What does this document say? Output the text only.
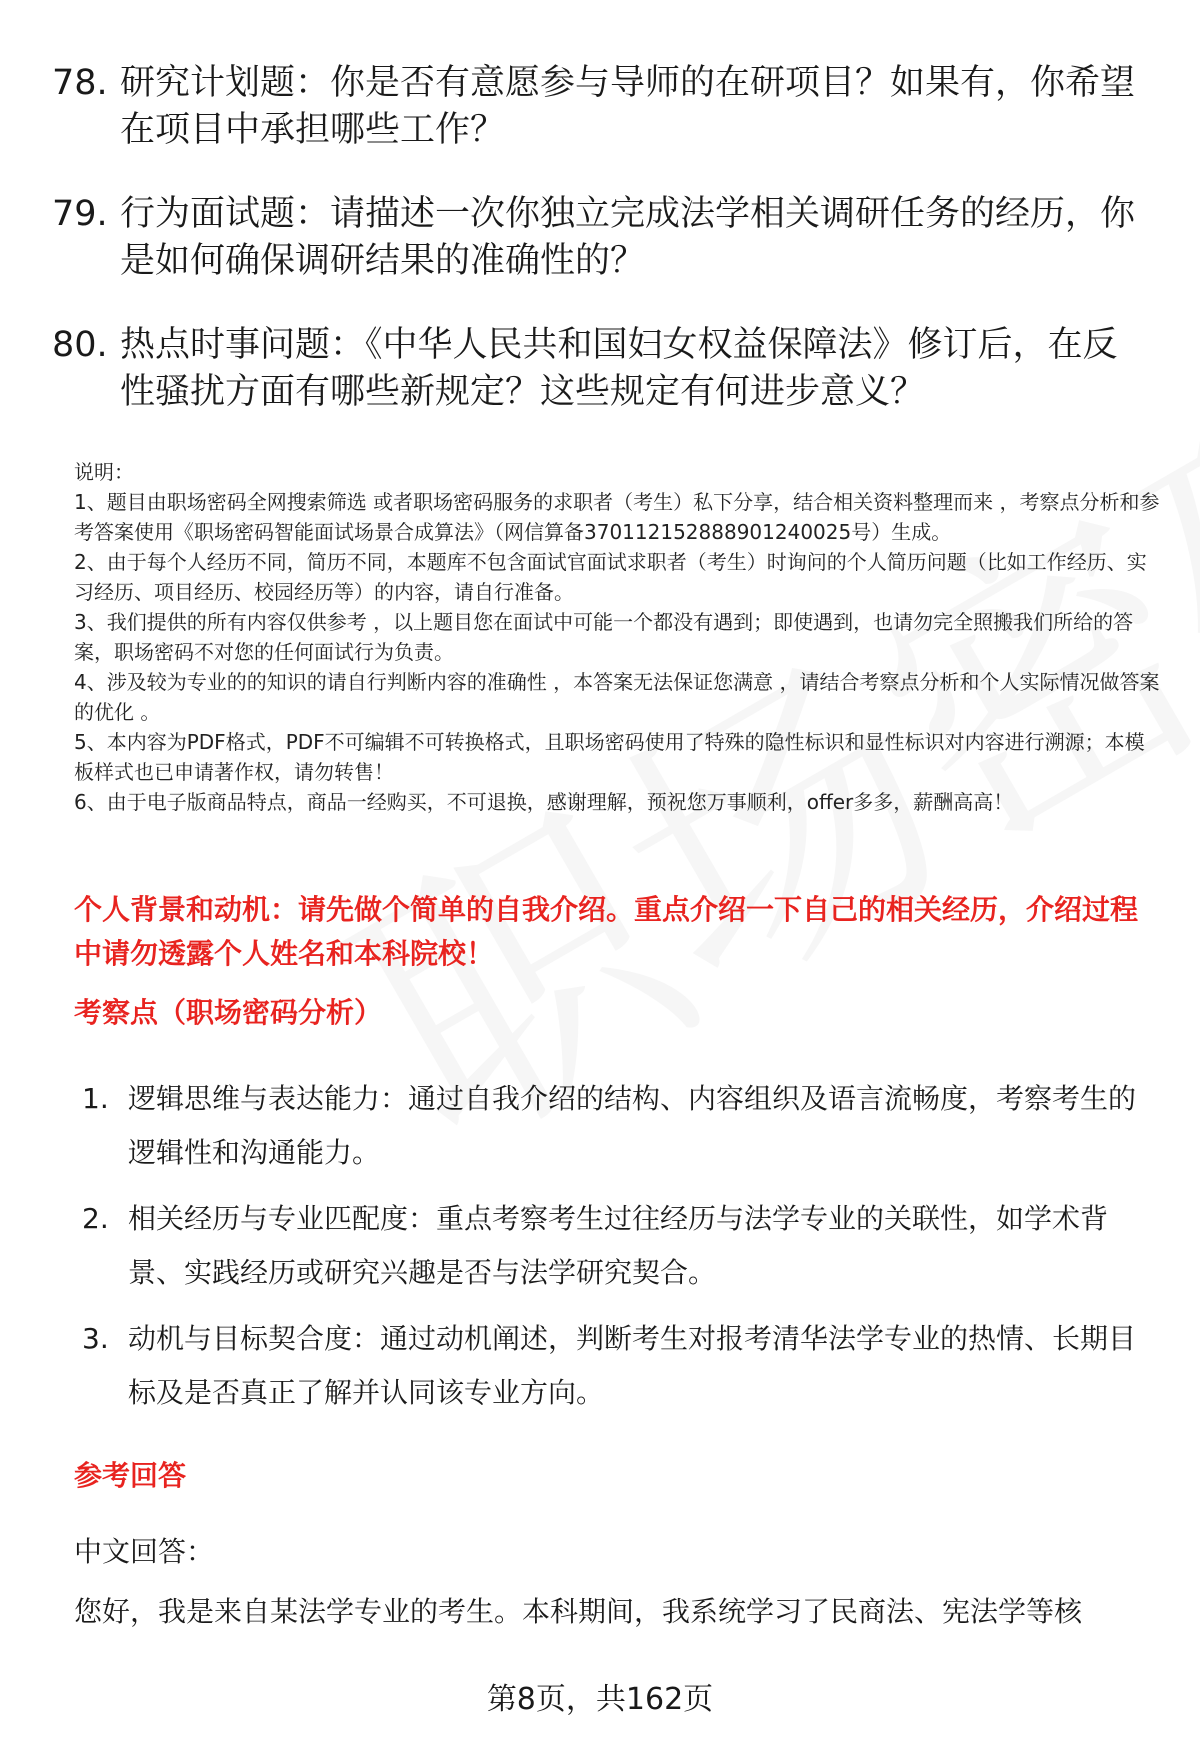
78. 研究计划题：你是否有意愿参与导师的在研项目？如果有，你希望在项目中承担哪些工作？
79. 行为面试题：请描述一次你独立完成法学相关调研任务的经历，你是如何确保调研结果的准确性的？
80. 热点时事问题：《中华人民共和国妇女权益保障法》修订后，在反性骚扰方面有哪些新规定？这些规定有何进步意义？
说明：
1、题目由职场密码全网搜索筛选 或者职场密码服务的求职者（考生）私下分享，结合相关资料整理而来 ，考察点分析和参考答案使用《职场密码智能面试场景合成算法》（网信算备370112152888901240025号）生成。
2、由于每个人经历不同，简历不同，本题库不包含面试官面试求职者（考生）时询问的个人简历问题（比如工作经历、实习经历、项目经历、校园经历等）的内容，请自行准备。
3、我们提供的所有内容仅供参考 ，以上题目您在面试中可能一个都没有遇到；即使遇到，也请勿完全照搬我们所给的答案，职场密码不对您的任何面试行为负责。
4、涉及较为专业的的知识的请自行判断内容的准确性 ，本答案无法保证您满意 ，请结合考察点分析和个人实际情况做答案的优化 。
5、本内容为PDF格式，PDF不可编辑不可转换格式，且职场密码使用了特殊的隐性标识和显性标识对内容进行溯源；本模板样式也已申请著作权，请勿转售！
6、由于电子版商品特点，商品一经购买，不可退换，感谢理解，预祝您万事顺利，offer多多，薪酬高高！
个人背景和动机：请先做个简单的自我介绍。重点介绍一下自己的相关经历，介绍过程中请勿透露个人姓名和本科院校！
考察点（职场密码分析）
1. 逻辑思维与表达能力：通过自我介绍的结构、内容组织及语言流畅度，考察考生的逻辑性和沟通能力。
2. 相关经历与专业匹配度：重点考察考生过往经历与法学专业的关联性，如学术背景、实践经历或研究兴趣是否与法学研究契合。
3. 动机与目标契合度：通过动机阐述，判断考生对报考清华法学专业的热情、长期目标及是否真正了解并认同该专业方向。
参考回答
中文回答：
您好，我是来自某法学专业的考生。本科期间，我系统学习了民商法、宪法学等核
第8页，共162页
